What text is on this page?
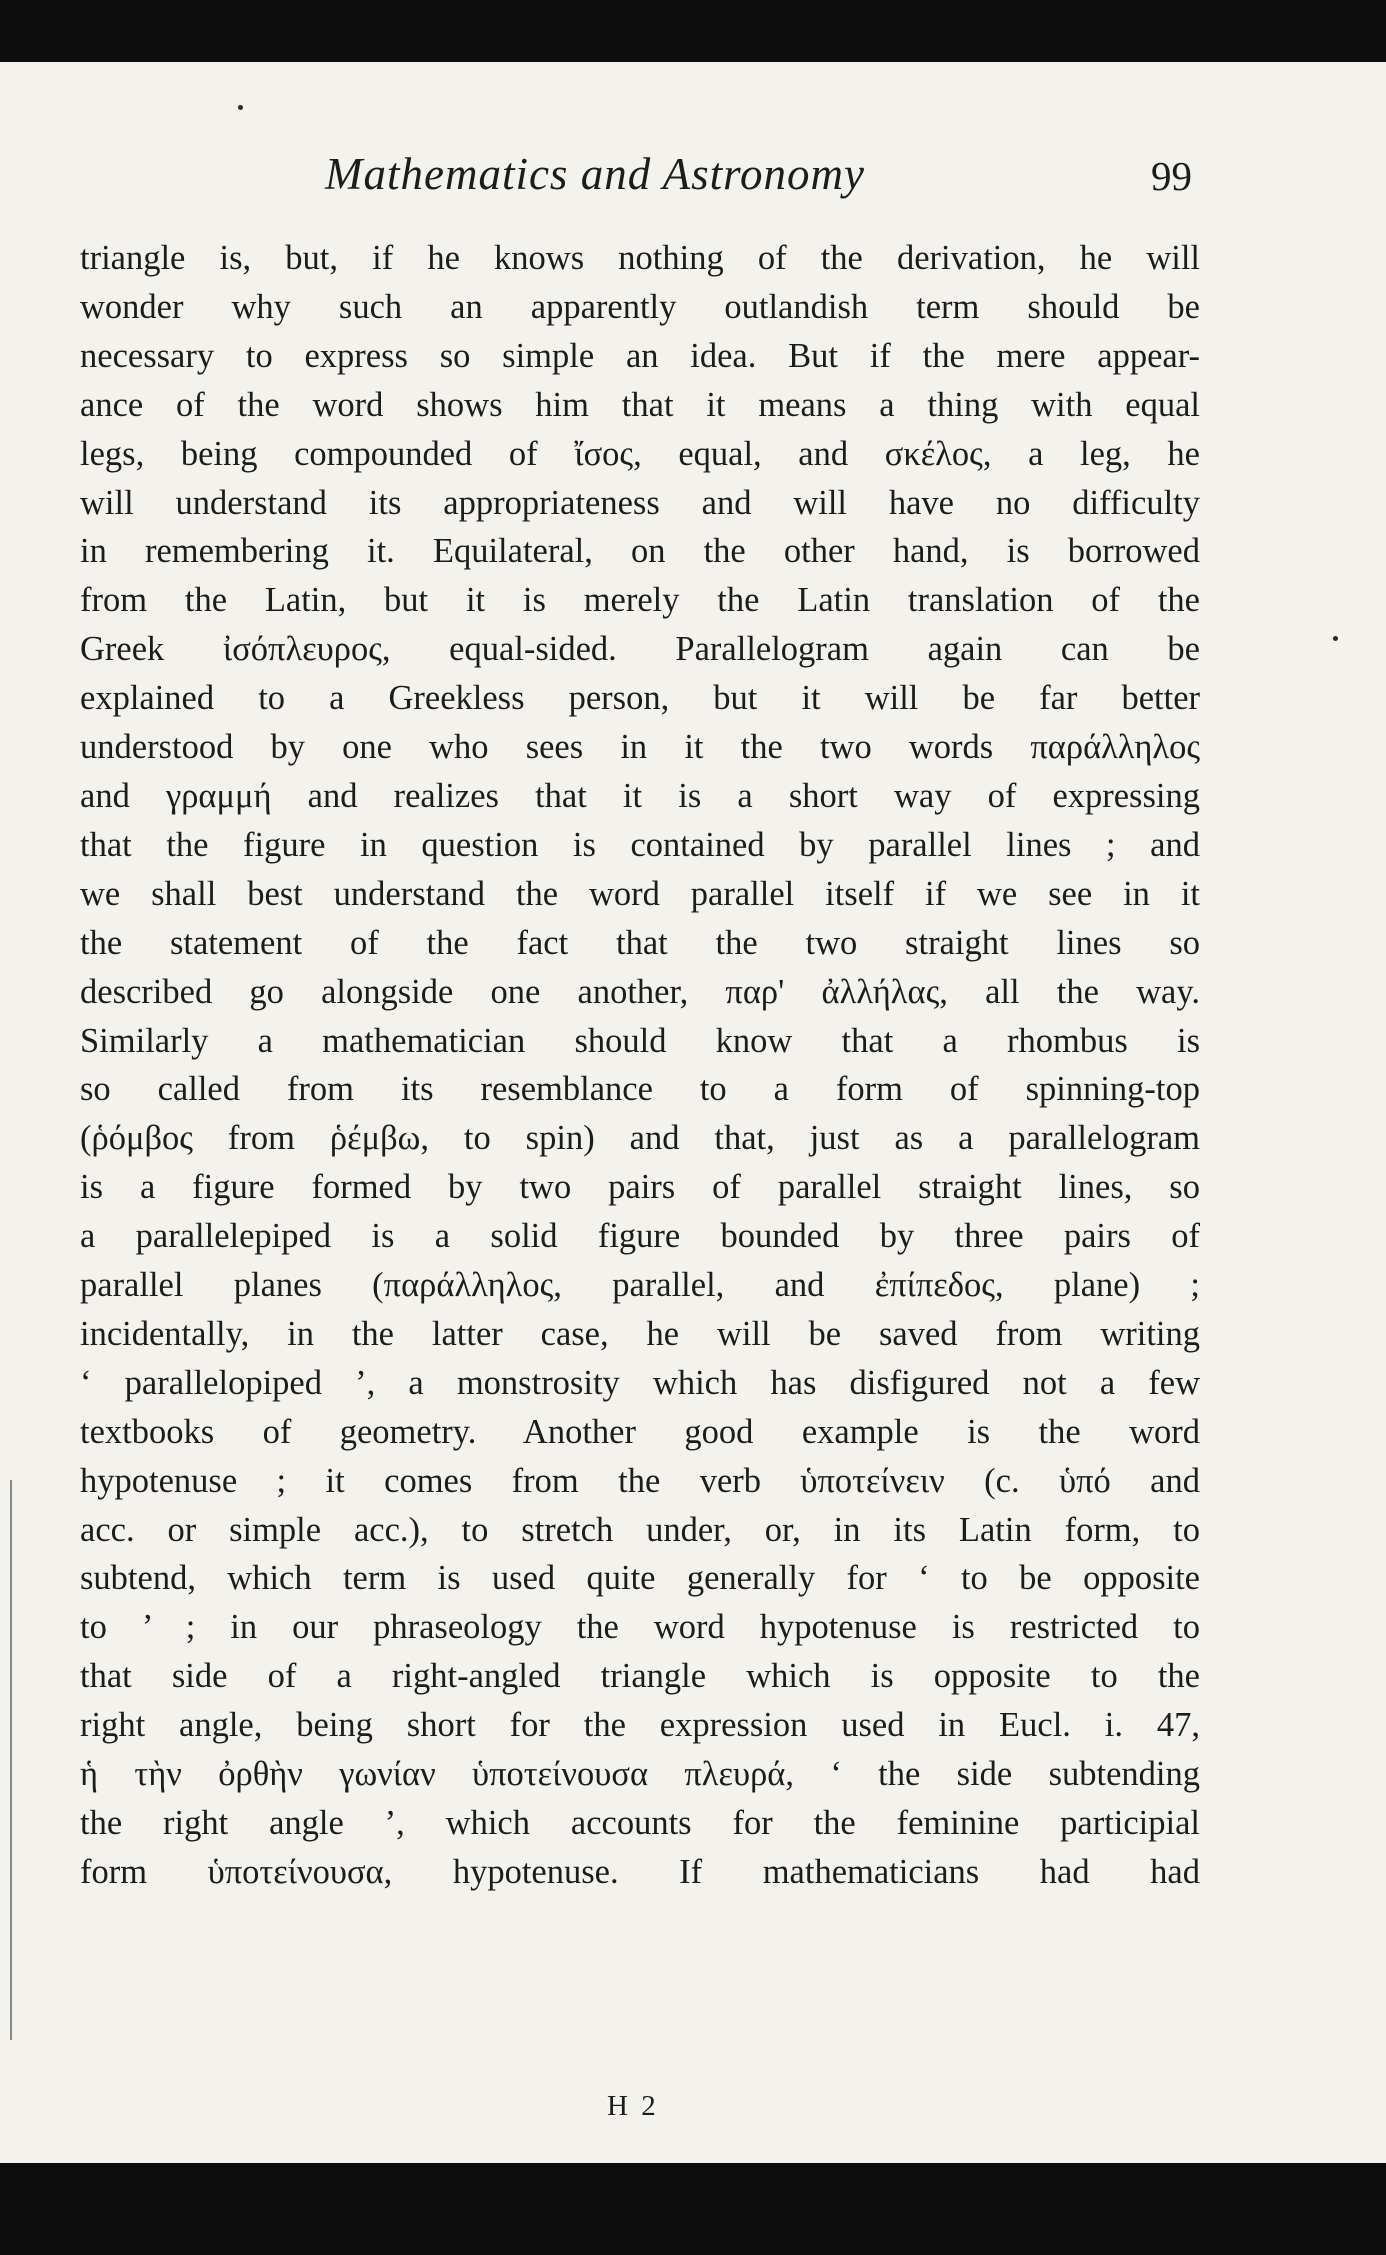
Mathematics and Astronomy	99
triangle is, but, if he knows nothing of the derivation, he will
wonder why such an apparently outlandish term should be
necessary to express so simple an idea. But if the mere appear-
ance of the word shows him that it means a thing with equal
legs, being compounded of ἴσος, equal, and σκέλος, a leg, he
will understand its appropriateness and will have no difficulty
in remembering it. Equilateral, on the other hand, is borrowed
from the Latin, but it is merely the Latin translation of the
Greek ἰσόπλευρος, equal-sided. Parallelogram again can be
explained to a Greekless person, but it will be far better
understood by one who sees in it the two words παράλληλος
and γραμμή and realizes that it is a short way of expressing
that the figure in question is contained by parallel lines ; and
we shall best understand the word parallel itself if we see in it
the statement of the fact that the two straight lines so
described go alongside one another, παρ' ἀλλήλας, all the way.
Similarly a mathematician should know that a rhombus is
so called from its resemblance to a form of spinning-top
(ῥόμβος from ῥέμβω, to spin) and that, just as a parallelogram
is a figure formed by two pairs of parallel straight lines, so
a parallelepiped is a solid figure bounded by three pairs of
parallel planes (παράλληλος, parallel, and ἐπίπεδος, plane) ;
incidentally, in the latter case, he will be saved from writing
‘ parallelopiped ’, a monstrosity which has disfigured not a few
textbooks of geometry. Another good example is the word
hypotenuse ; it comes from the verb ὑποτείνειν (c. ὑπό and
acc. or simple acc.), to stretch under, or, in its Latin form, to
subtend, which term is used quite generally for ‘ to be opposite
to ’ ; in our phraseology the word hypotenuse is restricted to
that side of a right-angled triangle which is opposite to the
right angle, being short for the expression used in Eucl. i. 47,
ἡ τὴν ὀρθὴν γωνίαν ὑποτείνουσα πλευρά, ‘ the side subtending
the right angle ’, which accounts for the feminine participial
form ὑποτείνουσα, hypotenuse. If mathematicians had had
H 2
